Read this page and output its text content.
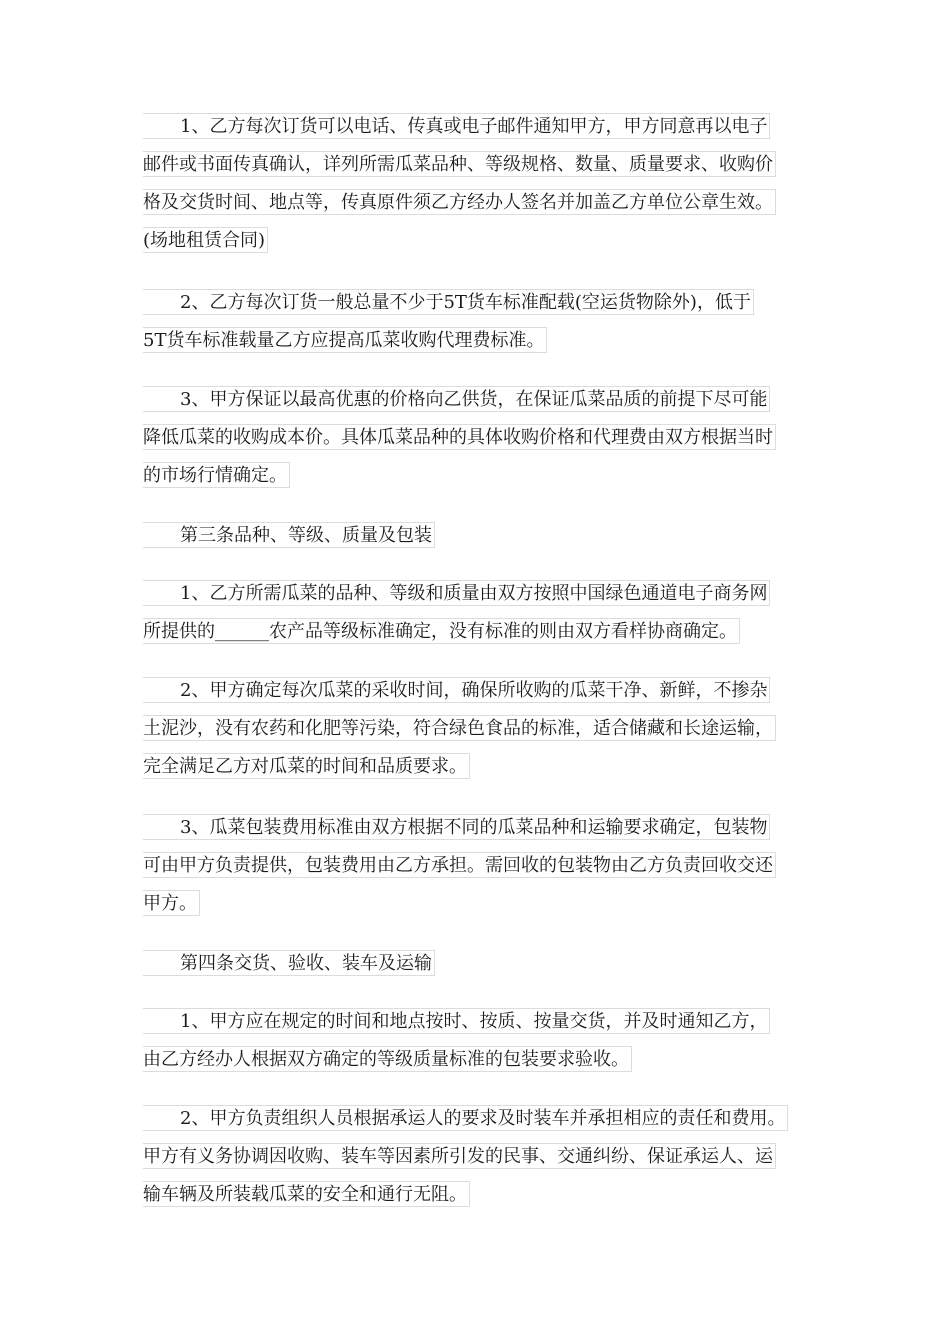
1、乙方每次订货可以电话、传真或电子邮件通知甲方，甲方同意再以电子
邮件或书面传真确认，详列所需瓜菜品种、等级规格、数量、质量要求、收购价
格及交货时间、地点等，传真原件须乙方经办人签名并加盖乙方单位公章生效。
(场地租赁合同)
2、乙方每次订货一般总量不少于5T货车标准配载(空运货物除外)，低于
5T货车标准载量乙方应提高瓜菜收购代理费标准。
3、甲方保证以最高优惠的价格向乙供货，在保证瓜菜品质的前提下尽可能
降低瓜菜的收购成本价。具体瓜菜品种的具体收购价格和代理费由双方根据当时
的市场行情确定。
第三条品种、等级、质量及包装
1、乙方所需瓜菜的品种、等级和质量由双方按照中国绿色通道电子商务网
所提供的______农产品等级标准确定，没有标准的则由双方看样协商确定。
2、甲方确定每次瓜菜的采收时间，确保所收购的瓜菜干净、新鲜，不掺杂
土泥沙，没有农药和化肥等污染，符合绿色食品的标准，适合储藏和长途运输，
完全满足乙方对瓜菜的时间和品质要求。
3、瓜菜包装费用标准由双方根据不同的瓜菜品种和运输要求确定，包装物
可由甲方负责提供，包装费用由乙方承担。需回收的包装物由乙方负责回收交还
甲方。
第四条交货、验收、装车及运输
1、甲方应在规定的时间和地点按时、按质、按量交货，并及时通知乙方，
由乙方经办人根据双方确定的等级质量标准的包装要求验收。
2、甲方负责组织人员根据承运人的要求及时装车并承担相应的责任和费用。
甲方有义务协调因收购、装车等因素所引发的民事、交通纠纷、保证承运人、运
输车辆及所装载瓜菜的安全和通行无阻。
